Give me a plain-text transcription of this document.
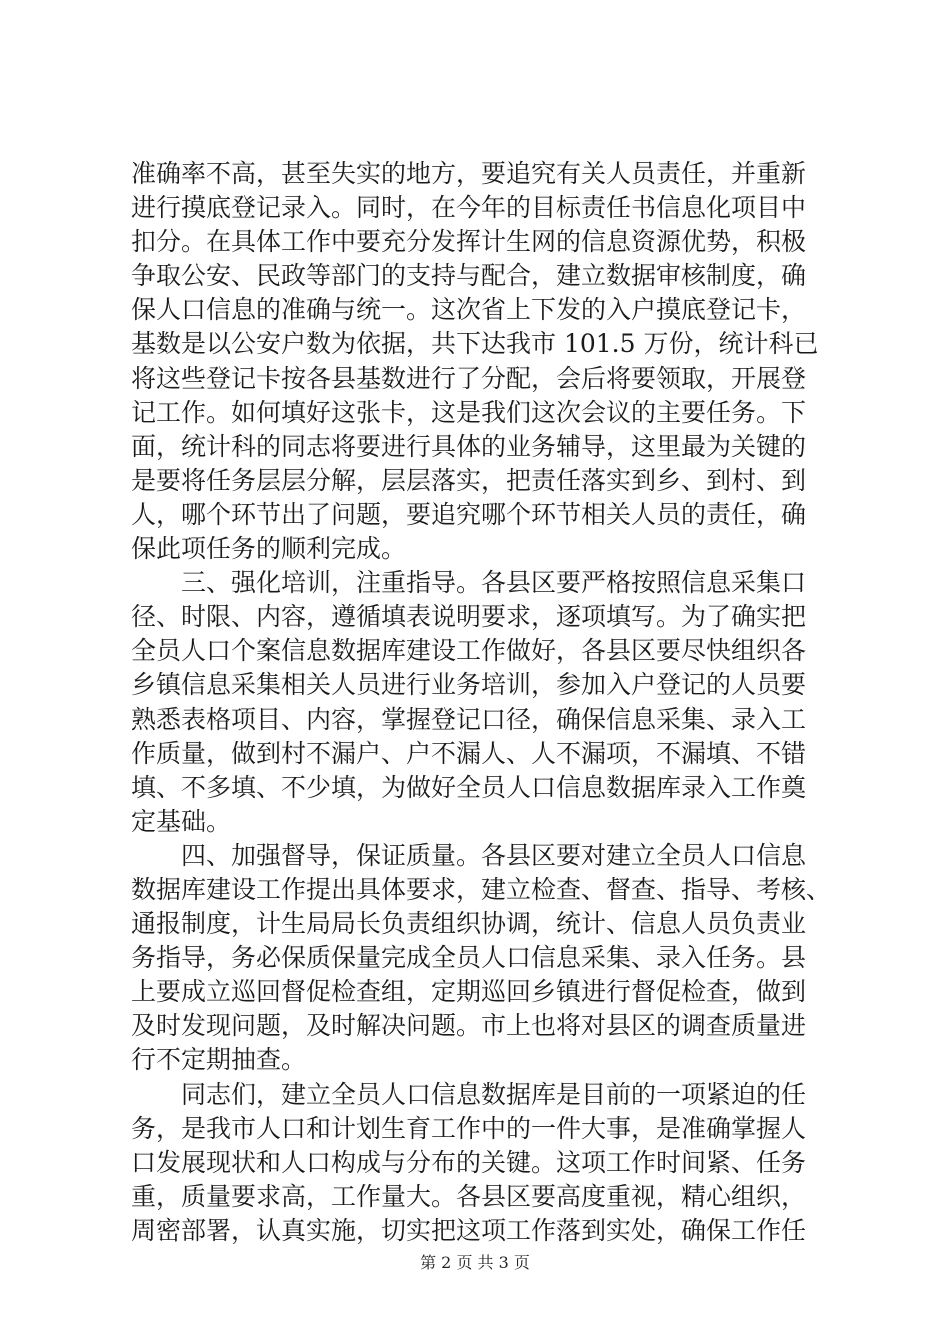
准确率不高，甚至失实的地方，要追究有关人员责任，并重新
进行摸底登记录入。同时，在今年的目标责任书信息化项目中
扣分。在具体工作中要充分发挥计生网的信息资源优势，积极
争取公安、民政等部门的支持与配合，建立数据审核制度，确
保人口信息的准确与统一。这次省上下发的入户摸底登记卡，
基数是以公安户数为依据，共下达我市 101.5 万份，统计科已
将这些登记卡按各县基数进行了分配，会后将要领取，开展登
记工作。如何填好这张卡，这是我们这次会议的主要任务。下
面，统计科的同志将要进行具体的业务辅导，这里最为关键的
是要将任务层层分解，层层落实，把责任落实到乡、到村、到
人，哪个环节出了问题，要追究哪个环节相关人员的责任，确
保此项任务的顺利完成。
　　三、强化培训，注重指导。各县区要严格按照信息采集口
径、时限、内容，遵循填表说明要求，逐项填写。为了确实把
全员人口个案信息数据库建设工作做好，各县区要尽快组织各
乡镇信息采集相关人员进行业务培训，参加入户登记的人员要
熟悉表格项目、内容，掌握登记口径，确保信息采集、录入工
作质量，做到村不漏户、户不漏人、人不漏项，不漏填、不错
填、不多填、不少填，为做好全员人口信息数据库录入工作奠
定基础。
　　四、加强督导，保证质量。各县区要对建立全员人口信息
数据库建设工作提出具体要求，建立检查、督查、指导、考核、
通报制度，计生局局长负责组织协调，统计、信息人员负责业
务指导，务必保质保量完成全员人口信息采集、录入任务。县
上要成立巡回督促检查组，定期巡回乡镇进行督促检查，做到
及时发现问题，及时解决问题。市上也将对县区的调查质量进
行不定期抽查。
　　同志们，建立全员人口信息数据库是目前的一项紧迫的任
务，是我市人口和计划生育工作中的一件大事，是准确掌握人
口发展现状和人口构成与分布的关键。这项工作时间紧、任务
重，质量要求高，工作量大。各县区要高度重视，精心组织，
周密部署，认真实施，切实把这项工作落到实处，确保工作任
第 2 页 共 3 页
